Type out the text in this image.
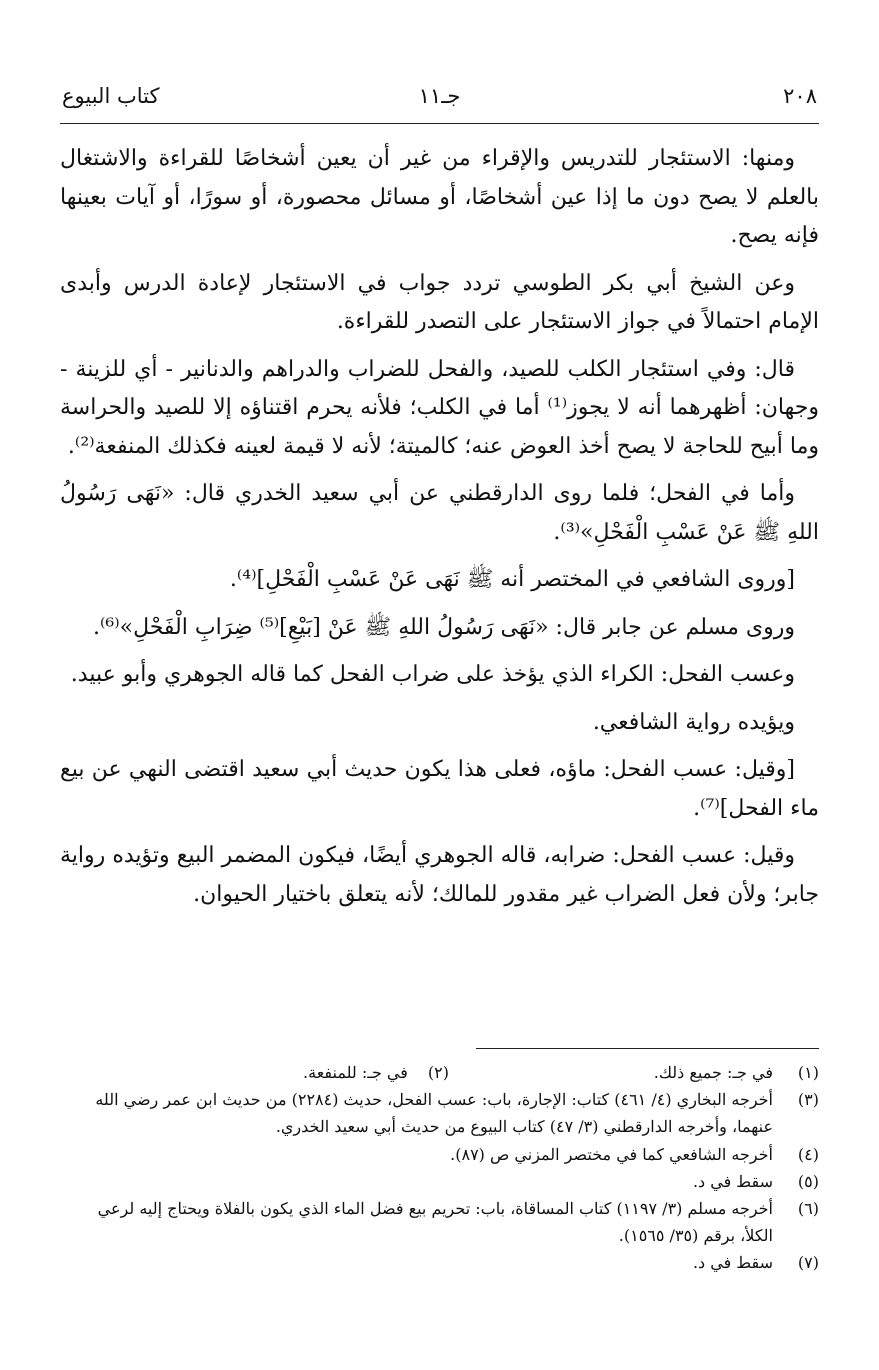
٢٠٨
جـ١١
كتاب البيوع

ومنها: الاستئجار للتدريس والإقراء من غير أن يعين أشخاصًا للقراءة والاشتغال بالعلم لا يصح دون ما إذا عين أشخاصًا، أو مسائل محصورة، أو سورًا، أو آيات بعينها فإنه يصح.

وعن الشيخ أبي بكر الطوسي تردد جواب في الاستئجار لإعادة الدرس وأبدى الإمام احتمالاً في جواز الاستئجار على التصدر للقراءة.

قال: وفي استئجار الكلب للصيد، والفحل للضراب والدراهم والدنانير - أي للزينة - وجهان: أظهرهما أنه لا يجوز⁽¹⁾ أما في الكلب؛ فلأنه يحرم اقتناؤه إلا للصيد والحراسة وما أبيح للحاجة لا يصح أخذ العوض عنه؛ كالميتة؛ لأنه لا قيمة لعينه فكذلك المنفعة⁽²⁾.

وأما في الفحل؛ فلما روى الدارقطني عن أبي سعيد الخدري قال: «نَهَى رَسُولُ اللهِ ﷺ عَنْ عَسْبِ الْفَحْلِ»⁽³⁾.

[وروى الشافعي في المختصر أنه ﷺ نَهَى عَنْ عَسْبِ الْفَحْلِ]⁽⁴⁾.

وروى مسلم عن جابر قال: «نَهَى رَسُولُ اللهِ ﷺ عَنْ [بَيْعِ]⁽⁵⁾ ضِرَابِ الْفَحْلِ»⁽⁶⁾.

وعسب الفحل: الكراء الذي يؤخذ على ضراب الفحل كما قاله الجوهري وأبو عبيد.

ويؤيده رواية الشافعي.

[وقيل: عسب الفحل: ماؤه، فعلى هذا يكون حديث أبي سعيد اقتضى النهي عن بيع ماء الفحل]⁽⁷⁾.

وقيل: عسب الفحل: ضرابه، قاله الجوهري أيضًا، فيكون المضمر البيع وتؤيده رواية جابر؛ ولأن فعل الضراب غير مقدور للمالك؛ لأنه يتعلق باختيار الحيوان.

(١)
في جـ: جميع ذلك.
(٢)في جـ: للمنفعة.
(٣)
أخرجه البخاري (٤/ ٤٦١) كتاب: الإجارة، باب: عسب الفحل، حديث (٢٢٨٤) من حديث ابن عمر رضي الله عنهما، وأخرجه الدارقطني (٣/ ٤٧) كتاب البيوع من حديث أبي سعيد الخدري.
(٤)
أخرجه الشافعي كما في مختصر المزني ص (٨٧).
(٥)
سقط في د.
(٦)
أخرجه مسلم (٣/ ١١٩٧) كتاب المساقاة، باب: تحريم بيع فضل الماء الذي يكون بالفلاة ويحتاج إليه لرعي الكلأ، برقم (٣٥/ ١٥٦٥).
(٧)
سقط في د.
